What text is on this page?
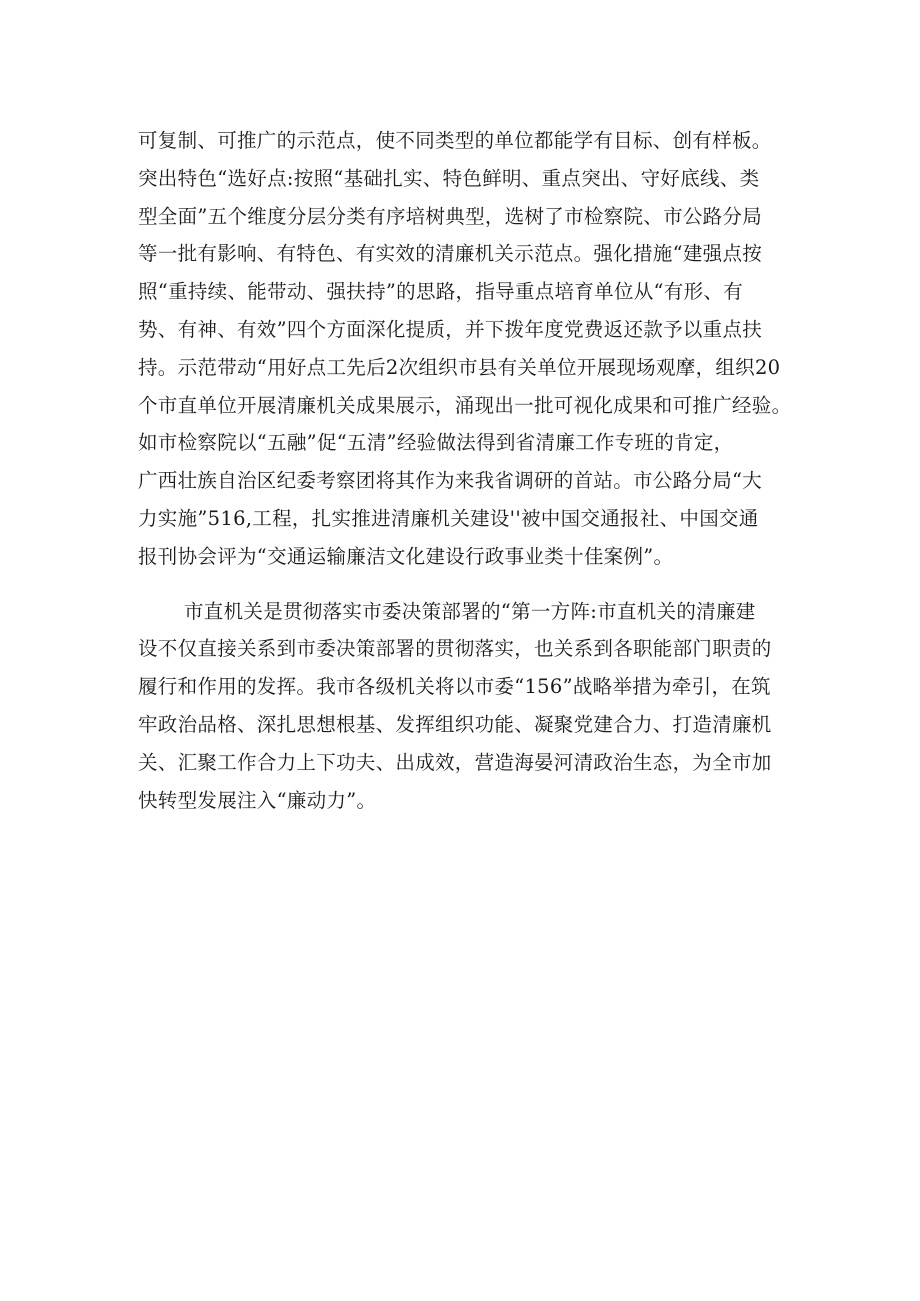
可复制、可推广的示范点，使不同类型的单位都能学有目标、创有样板。
突出特色“选好点:按照“基础扎实、特色鲜明、重点突出、守好底线、类
型全面”五个维度分层分类有序培树典型，选树了市检察院、市公路分局
等一批有影响、有特色、有实效的清廉机关示范点。强化措施“建强点按
照“重持续、能带动、强扶持”的思路，指导重点培育单位从“有形、有
势、有神、有效”四个方面深化提质，并下拨年度党费返还款予以重点扶
持。示范带动“用好点工先后2次组织市县有关单位开展现场观摩，组织20
个市直单位开展清廉机关成果展示，涌现出一批可视化成果和可推广经验。
如市检察院以“五融”促“五清”经验做法得到省清廉工作专班的肯定，
广西壮族自治区纪委考察团将其作为来我省调研的首站。市公路分局“大
力实施”516,工程，扎实推进清廉机关建设''被中国交通报社、中国交通
报刊协会评为“交通运输廉洁文化建设行政事业类十佳案例”。
市直机关是贯彻落实市委决策部署的“第一方阵:市直机关的清廉建
设不仅直接关系到市委决策部署的贯彻落实，也关系到各职能部门职责的
履行和作用的发挥。我市各级机关将以市委“156”战略举措为牵引，在筑
牢政治品格、深扎思想根基、发挥组织功能、凝聚党建合力、打造清廉机
关、汇聚工作合力上下功夫、出成效，营造海晏河清政治生态，为全市加
快转型发展注入“廉动力”。
